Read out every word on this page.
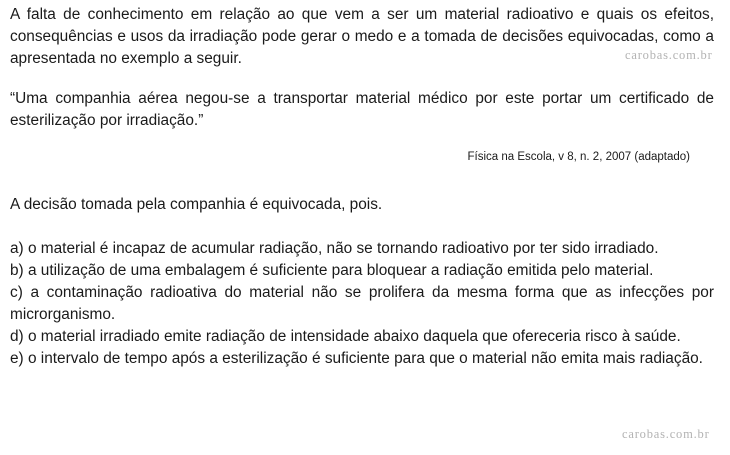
A falta de conhecimento em relação ao que vem a ser um material radioativo e quais os efeitos, consequências e usos da irradiação pode gerar o medo e a tomada de decisões equivocadas, como a apresentada no exemplo a seguir.

“Uma companhia aérea negou-se a transportar material médico por este portar um certificado de esterilização por irradiação.”

Física na Escola, v 8, n. 2, 2007 (adaptado)

A decisão tomada pela companhia é equivocada, pois.

a) o material é incapaz de acumular radiação, não se tornando radioativo por ter sido irradiado.

b) a utilização de uma embalagem é suficiente para bloquear a radiação emitida pelo material.

c) a contaminação radioativa do material não se prolifera da mesma forma que as infecções por microrganismo.

d) o material irradiado emite radiação de intensidade abaixo daquela que ofereceria risco à saúde.

e) o intervalo de tempo após a esterilização é suficiente para que o material não emita mais radiação.

carobas.com.br
carobas.com.br
